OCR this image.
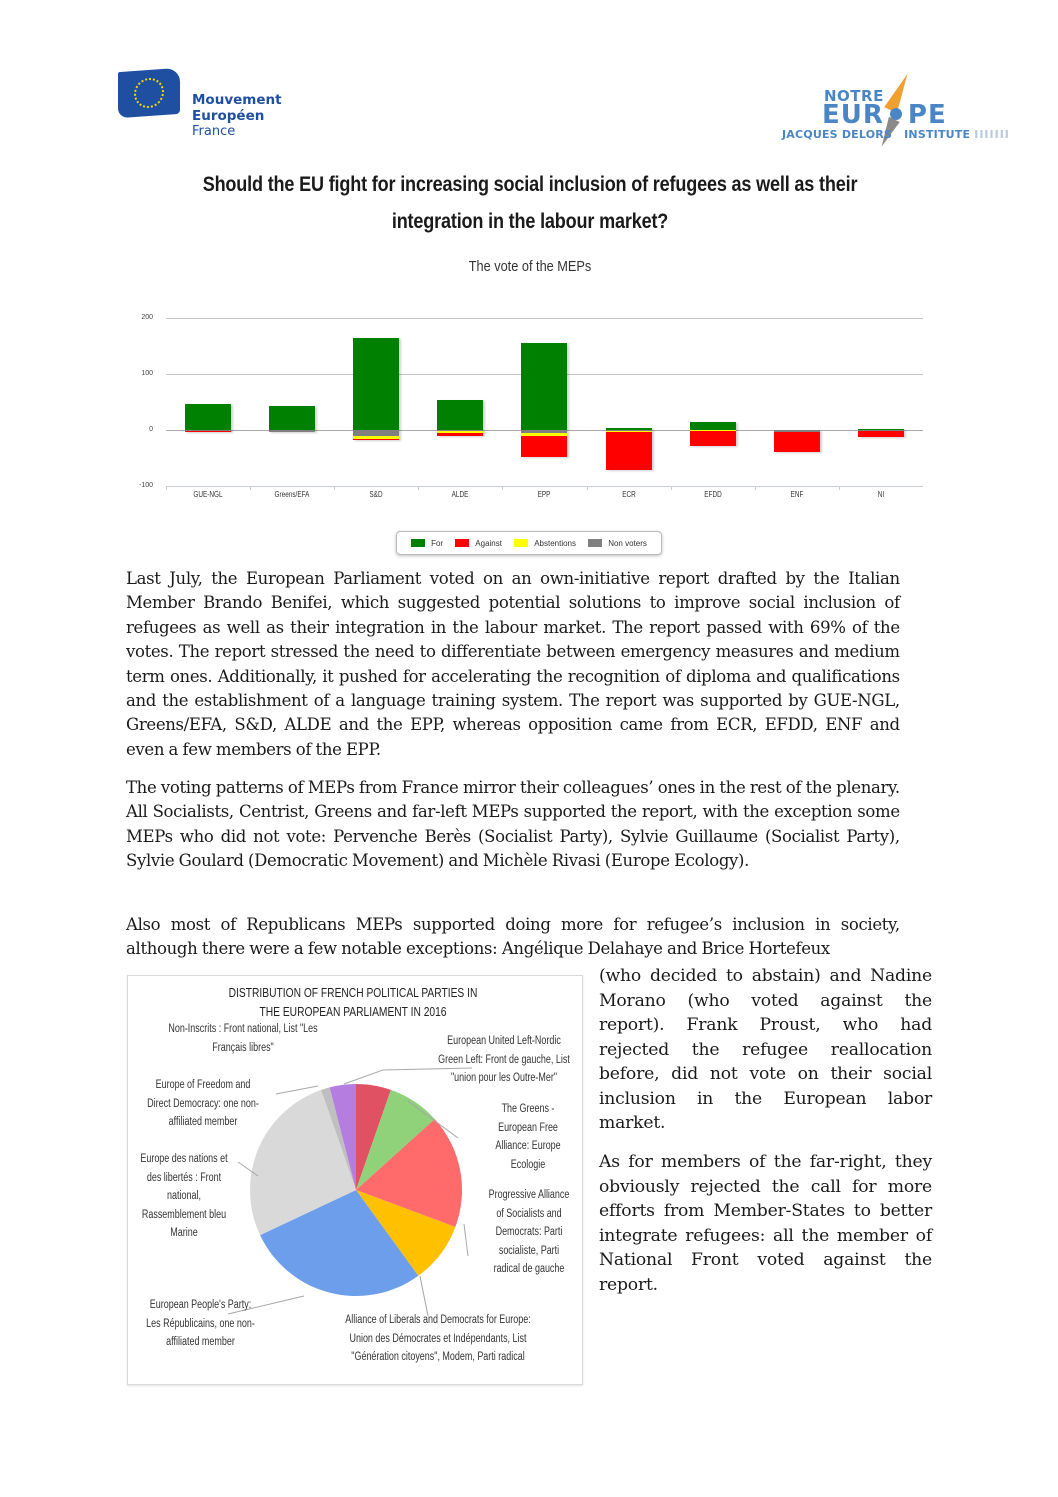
Mouvement
Européen
France
NOTRE
EUR PE
JACQUES DELORS INSTITUTE IIIIIII
Should the EU fight for increasing social inclusion of refugees as well as their
integration in the labour market?
The vote of the MEPs
200
100
0
-100
GUE-NGL	Greens/EFA	S&D	ALDE	EPP	ECR	EFDD	ENF	NI
For	Against	Abstentions	Non voters
Last July, the European Parliament voted on an own-initiative report drafted by the Italian Member Brando Benifei, which suggested potential solutions to improve social inclusion of refugees as well as their integration in the labour market. The report passed with 69% of the votes. The report stressed the need to differentiate between emergency measures and medium term ones. Additionally, it pushed for accelerating the recognition of diploma and qualifications and the establishment of a language training system. The report was supported by GUE-NGL, Greens/EFA, S&D, ALDE and the EPP, whereas opposition came from ECR, EFDD, ENF and even a few members of the EPP.
The voting patterns of MEPs from France mirror their colleagues’ ones in the rest of the plenary. All Socialists, Centrist, Greens and far-left MEPs supported the report, with the exception some MEPs who did not vote: Pervenche Berès (Socialist Party), Sylvie Guillaume (Socialist Party), Sylvie Goulard (Democratic Movement) and Michèle Rivasi (Europe Ecology).
Also most of Republicans MEPs supported doing more for refugee’s inclusion in society, although there were a few notable exceptions: Angélique Delahaye and Brice Hortefeux
(who decided to abstain) and Nadine Morano (who voted against the report). Frank Proust, who had rejected the refugee reallocation before, did not vote on their social inclusion in the European labor market.
As for members of the far-right, they obviously rejected the call for more efforts from Member-States to better integrate refugees: all the member of National Front voted against the report.
DISTRIBUTION OF FRENCH POLITICAL PARTIES IN THE EUROPEAN PARLIAMENT IN 2016
Non-Inscrits : Front national, List "Les Français libres"
European United Left-Nordic Green Left: Front de gauche, List "union pour les Outre-Mer"
Europe of Freedom and Direct Democracy: one non-affiliated member
The Greens - European Free Alliance: Europe Ecologie
Europe des nations et des libertés : Front national, Rassemblement bleu Marine
Progressive Alliance of Socialists and Democrats: Parti socialiste, Parti radical de gauche
European People's Party: Les Républicains, one non-affiliated member
Alliance of Liberals and Democrats for Europe: Union des Démocrates et Indépendants, List "Génération citoyens", Modem, Parti radical
